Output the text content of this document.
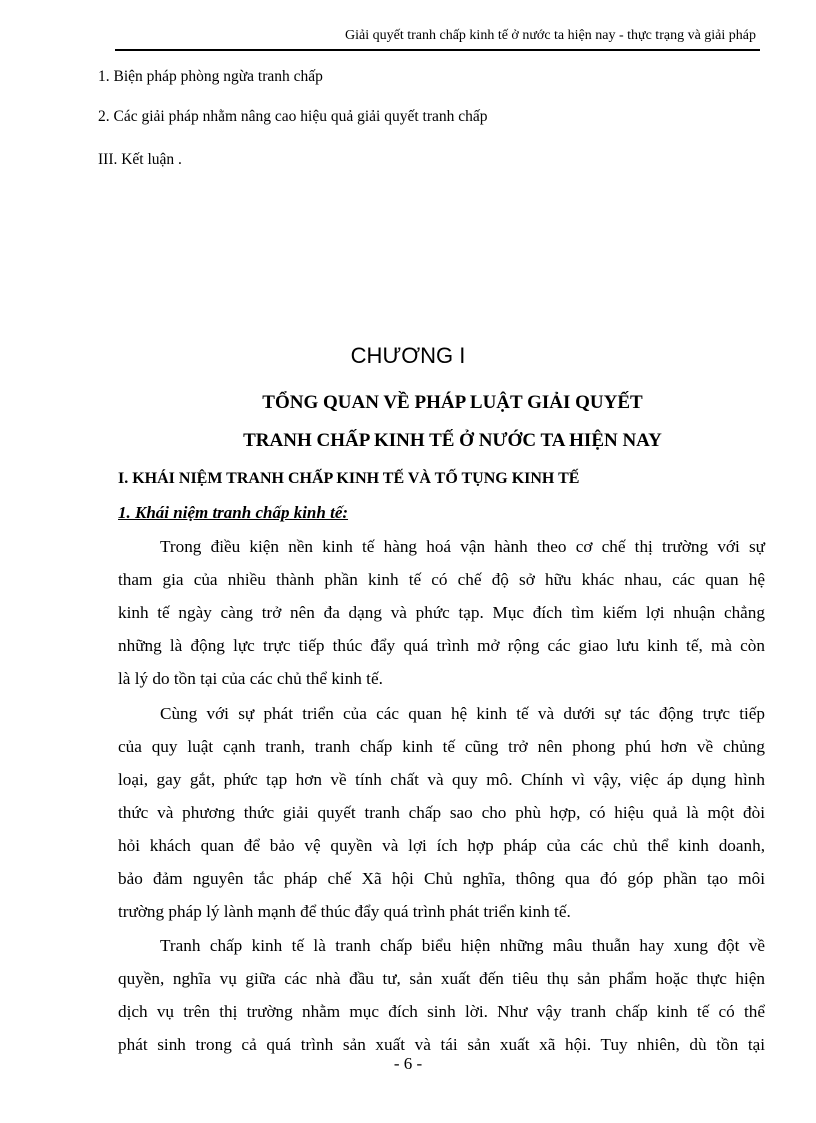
Giải quyết tranh chấp kinh tế ở nước ta hiện nay - thực trạng và giải pháp
1. Biện pháp phòng ngừa tranh chấp
2. Các giải pháp nhằm nâng cao hiệu quả giải quyết tranh chấp
III. Kết luận .
CHƯƠNG I
TỔNG QUAN VỀ PHÁP LUẬT GIẢI QUYẾT
TRANH CHẤP KINH TẾ Ở NƯỚC TA HIỆN NAY
I. KHÁI NIỆM TRANH CHẤP KINH TẾ VÀ TỐ TỤNG KINH TẾ
1. Khái niệm tranh chấp kinh tế:
Trong điều kiện nền kinh tế hàng hoá vận hành theo cơ chế thị trường với sự
tham gia của nhiều thành phần kinh tế có chế độ sở hữu khác nhau, các quan hệ
kinh tế ngày càng trở nên đa dạng và phức tạp. Mục đích tìm kiếm lợi nhuận chẳng
những là động lực trực tiếp thúc đẩy quá trình mở rộng các giao lưu kinh tế, mà còn
là lý do tồn tại của các chủ thể kinh tế.
Cùng với sự phát triển của các quan hệ kinh tế và dưới sự tác động trực tiếp
của quy luật cạnh tranh, tranh chấp kinh tế cũng trở nên phong phú hơn về chủng
loại, gay gắt, phức tạp hơn về tính chất và quy mô. Chính vì vậy, việc áp dụng hình
thức và phương thức giải quyết tranh chấp sao cho phù hợp, có hiệu quả là một đòi
hỏi khách quan để bảo vệ quyền và lợi ích hợp pháp của các chủ thể kinh doanh,
bảo đảm nguyên tắc pháp chế Xã hội Chủ nghĩa, thông qua đó góp phần tạo môi
trường pháp lý lành mạnh để thúc đẩy quá trình phát triển kinh tế.
Tranh chấp kinh tế là tranh chấp biểu hiện những mâu thuẫn hay xung đột về
quyền, nghĩa vụ giữa các nhà đầu tư, sản xuất đến tiêu thụ sản phẩm hoặc thực hiện
dịch vụ trên thị trường nhằm mục đích sinh lời. Như vậy tranh chấp kinh tế có thể
phát sinh trong cả quá trình sản xuất và tái sản xuất xã hội. Tuy nhiên, dù tồn tại
- 6 -
